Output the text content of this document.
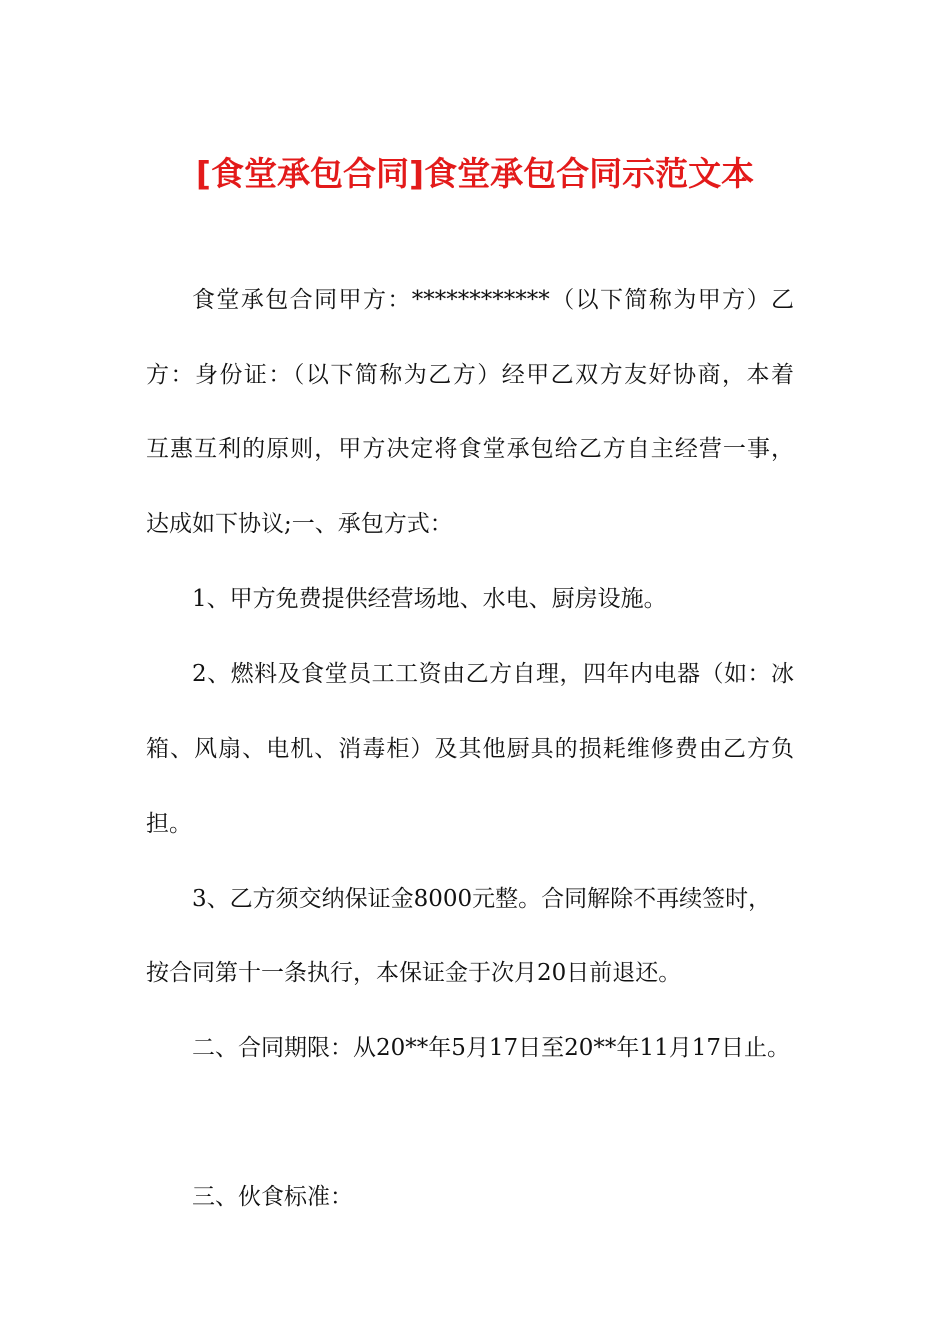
[食堂承包合同]食堂承包合同示范文本
食堂承包合同甲方：************（以下简称为甲方）乙
方：身份证：（以下简称为乙方）经甲乙双方友好协商，本着
互惠互利的原则，甲方决定将食堂承包给乙方自主经营一事，
达成如下协议;一、承包方式：
1、甲方免费提供经营场地、水电、厨房设施。
2、燃料及食堂员工工资由乙方自理，四年内电器（如：冰
箱、风扇、电机、消毒柜）及其他厨具的损耗维修费由乙方负
担。
3、乙方须交纳保证金8000元整。合同解除不再续签时，
按合同第十一条执行，本保证金于次月20日前退还。
二、合同期限：从20**年5月17日至20**年11月17日止。
三、伙食标准：
